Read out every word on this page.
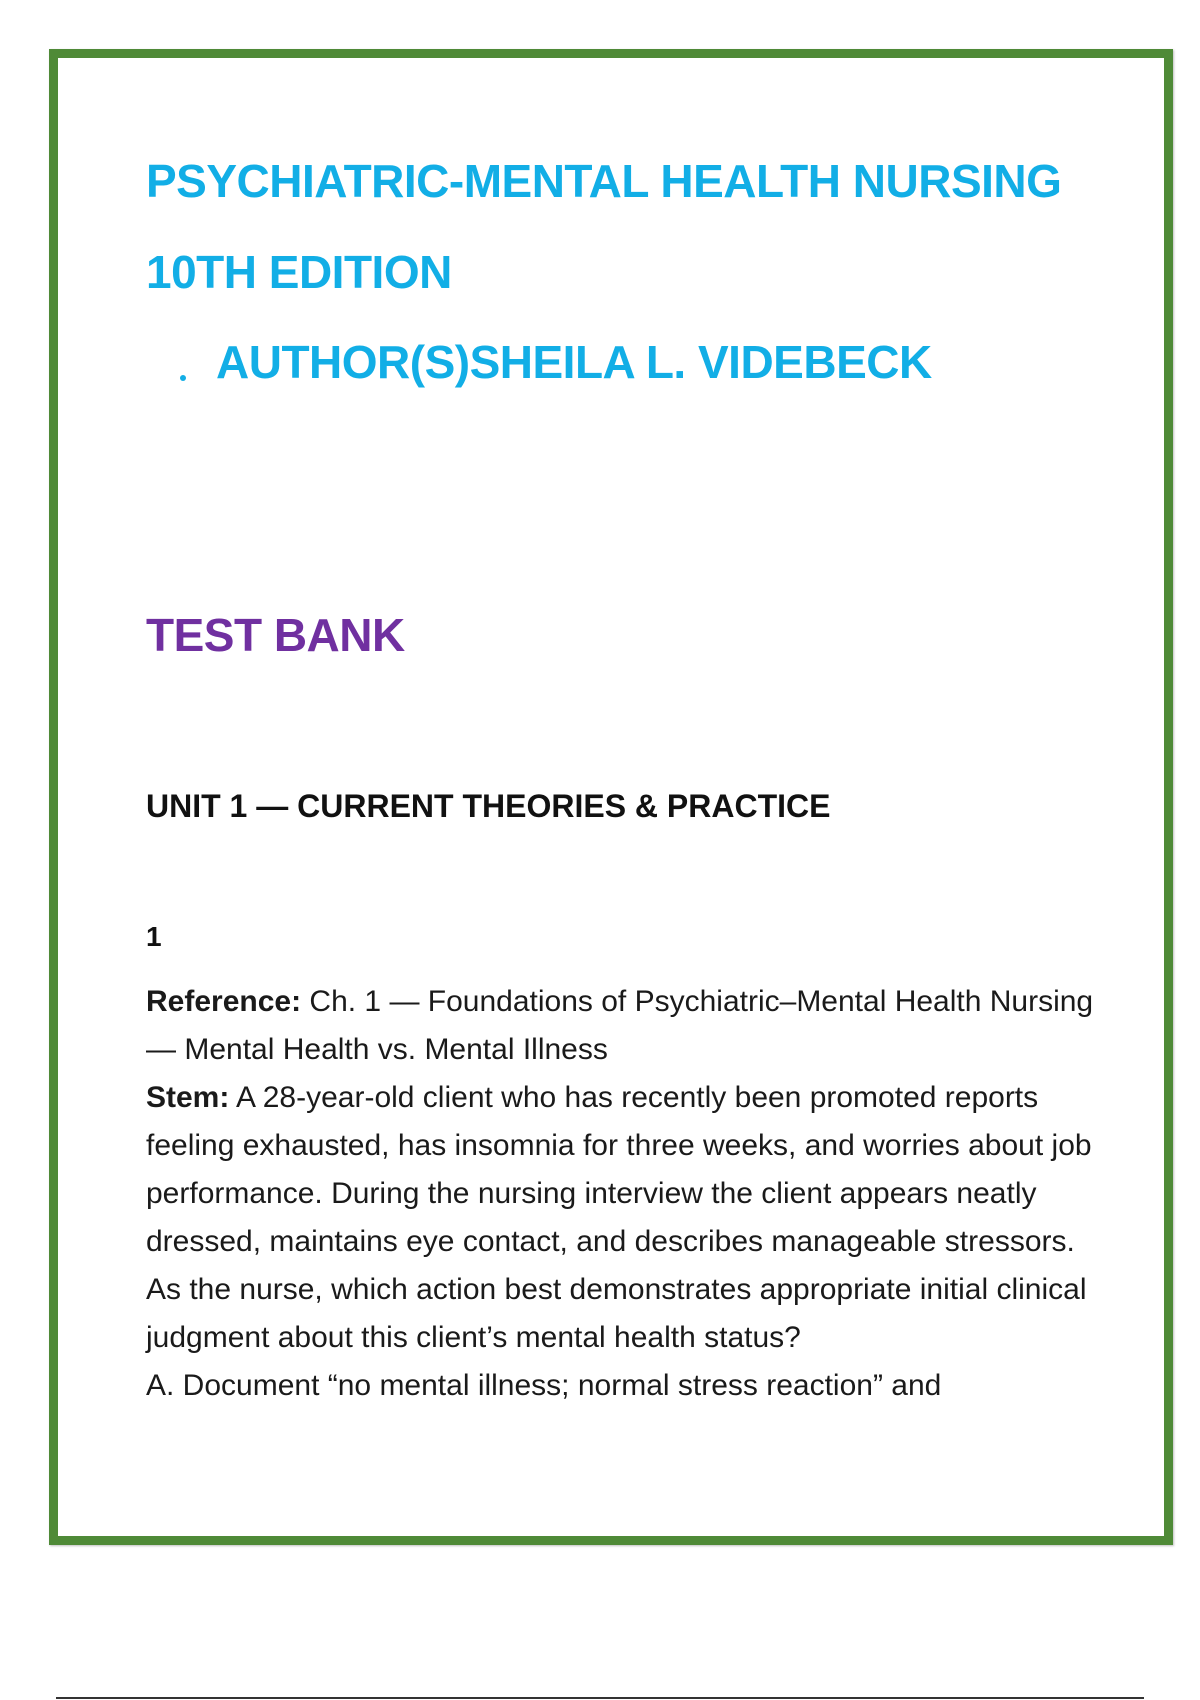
PSYCHIATRIC-MENTAL HEALTH NURSING
10TH EDITION
AUTHOR(S)SHEILA L. VIDEBECK
TEST BANK
UNIT 1 — CURRENT THEORIES & PRACTICE
1

Reference: Ch. 1 — Foundations of Psychiatric–Mental Health Nursing — Mental Health vs. Mental Illness

Stem: A 28-year-old client who has recently been promoted reports feeling exhausted, has insomnia for three weeks, and worries about job performance. During the nursing interview the client appears neatly dressed, maintains eye contact, and describes manageable stressors. As the nurse, which action best demonstrates appropriate initial clinical judgment about this client’s mental health status?

A. Document “no mental illness; normal stress reaction” and
